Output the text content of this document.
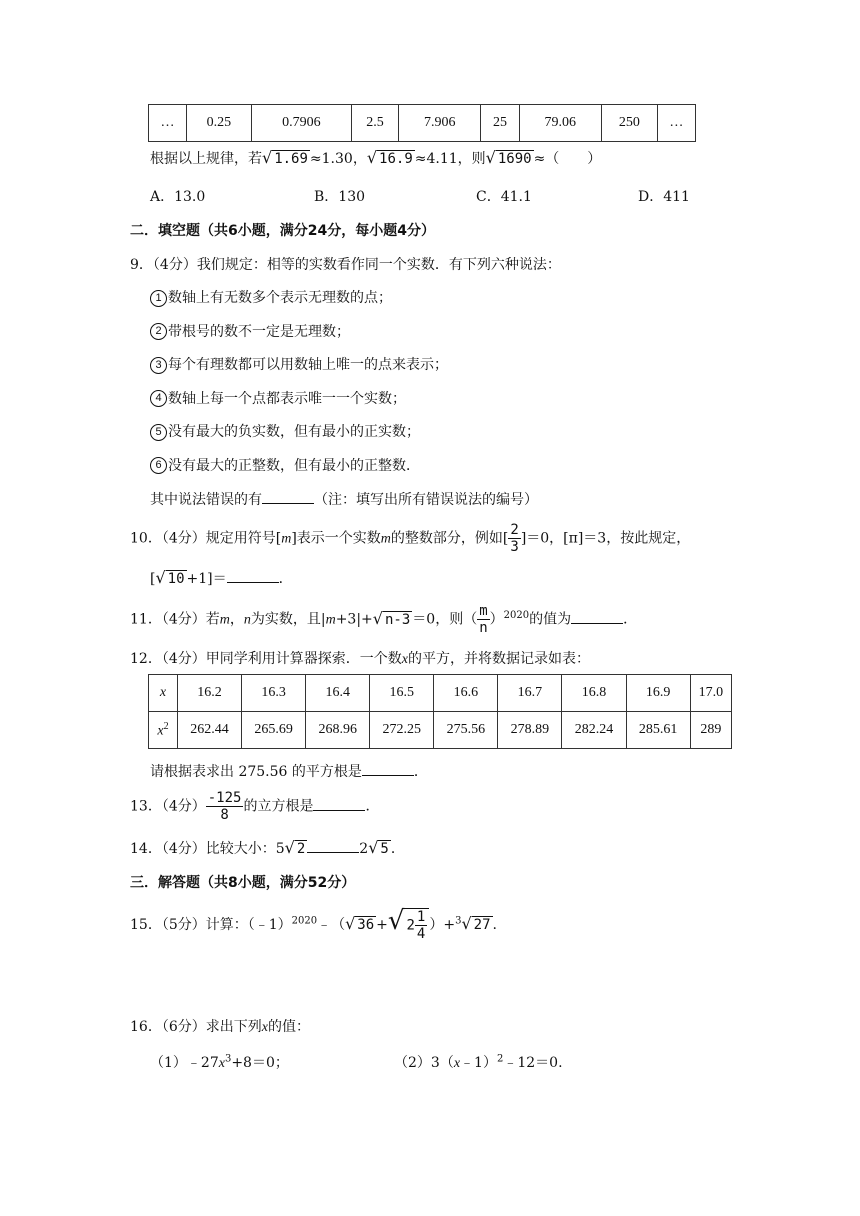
…	0.25	0.7906	2.5	7.906	25	79.06	250	…
根据以上规律，若√ 1.69 ≈1.30，√ 16.9 ≈4.11，则√ 1690 ≈（　　）
A．13.0	B．130	C．41.1	D．411
二．填空题（共6小题，满分24分，每小题4分）
9．（4分）我们规定：相等的实数看作同一个实数．有下列六种说法：
1 数轴上有无数多个表示无理数的点；
2 带根号的数不一定是无理数；
3 每个有理数都可以用数轴上唯一的点来表示；
4 数轴上每一个点都表示唯一一个实数；
5 没有最大的负实数，但有最小的正实数；
6 没有最大的正整数，但有最小的正整数．
其中说法错误的有	（注：填写出所有错误说法的编号）
10．（4分）规定用符号[m]表示一个实数m的整数部分，例如[ $\frac{2}{3} ]=0$，[π]＝3，按此规定，
[√ 10 +1]＝	．
11．（4分）若m，n为实数，且|m+3|+√ n-3 ＝0，则（ $\frac{m}{n} )^{2020}$的值为	．
12．（4分）甲同学利用计算器探索．一个数x的平方，并将数据记录如表：
x	16.2	16.3	16.4	16.5	16.6	16.7	16.8	16.9	17.0
$x^2$	262.44	265.69	268.96	272.25	275.56	278.89	282.24	285.61	289
请根据表求出 275.56 的平方根是	．
13．（4分） $\frac{-125}{8}$ 的立方根是	．
14．（4分）比较大小：5√ 2	2√ 5 ．
三．解答题（共8小题，满分52分）
15．（5分）计算：（﹣1）$^{2020}$﹣（√ 36 +√ $2 \frac{1}{4} )+^3√$ 27 .
16．（6分）求出下列x的值：
$(1)﹣27x^3+8=0$；	（2）3（x﹣1）$^2$﹣12＝0.
